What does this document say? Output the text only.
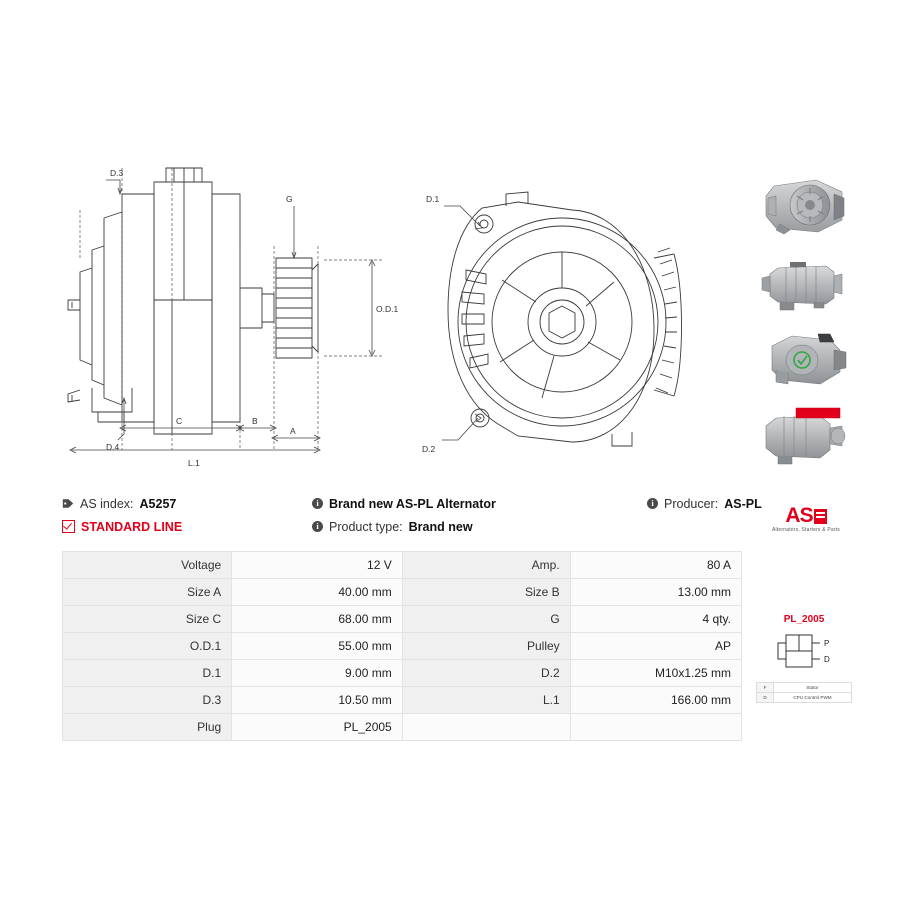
D.3
G
O.D.1
D.4
C	B
A
L.1
D.1
D.2
AS index: A5257
STANDARD LINE
i Brand new AS-PL Alternator
i Product type: Brand new
i Producer: AS-PL
AS
Alternators, Starters & Parts
Voltage	12 V	Amp.	80 A
Size A	40.00 mm	Size B	13.00 mm
Size C	68.00 mm	G	4 qty.
O.D.1	55.00 mm	Pulley	AP
D.1	9.00 mm	D.2	M10x1.25 mm
D.3	10.50 mm	L.1	166.00 mm
Plug	PL_2005		
PL_2005
P
D
F	Stator
D	CPU Control PWM
